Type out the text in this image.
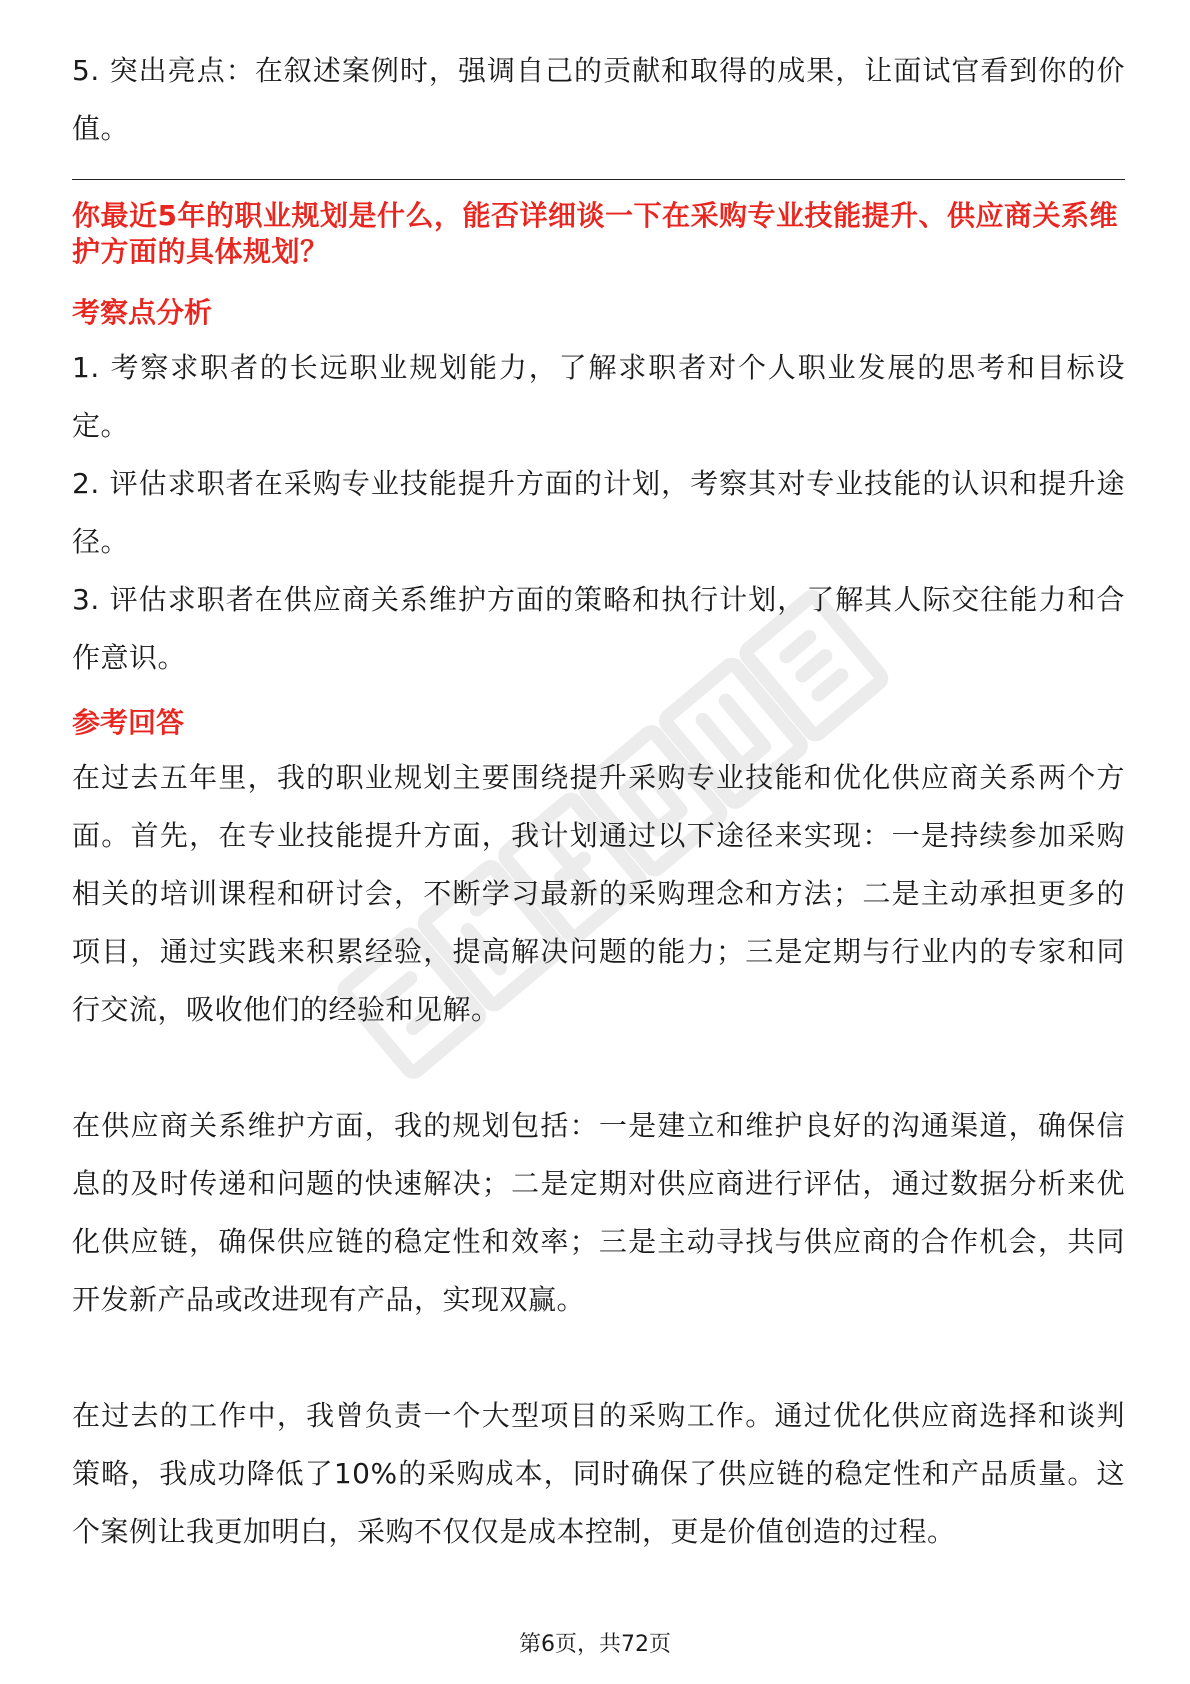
5. 突出亮点：在叙述案例时，强调自己的贡献和取得的成果，让面试官看到你的价值。

你最近5年的职业规划是什么，能否详细谈一下在采购专业技能提升、供应商关系维护方面的具体规划？

考察点分析

1. 考察求职者的长远职业规划能力，了解求职者对个人职业发展的思考和目标设定。

2. 评估求职者在采购专业技能提升方面的计划，考察其对专业技能的认识和提升途径。

3. 评估求职者在供应商关系维护方面的策略和执行计划，了解其人际交往能力和合作意识。

参考回答

在过去五年里，我的职业规划主要围绕提升采购专业技能和优化供应商关系两个方面。首先，在专业技能提升方面，我计划通过以下途径来实现：一是持续参加采购相关的培训课程和研讨会，不断学习最新的采购理念和方法；二是主动承担更多的项目，通过实践来积累经验，提高解决问题的能力；三是定期与行业内的专家和同行交流，吸收他们的经验和见解。

在供应商关系维护方面，我的规划包括：一是建立和维护良好的沟通渠道，确保信息的及时传递和问题的快速解决；二是定期对供应商进行评估，通过数据分析来优化供应链，确保供应链的稳定性和效率；三是主动寻找与供应商的合作机会，共同开发新产品或改进现有产品，实现双赢。

在过去的工作中，我曾负责一个大型项目的采购工作。通过优化供应商选择和谈判策略，我成功降低了10%的采购成本，同时确保了供应链的稳定性和产品质量。这个案例让我更加明白，采购不仅仅是成本控制，更是价值创造的过程。

第6页，共72页
